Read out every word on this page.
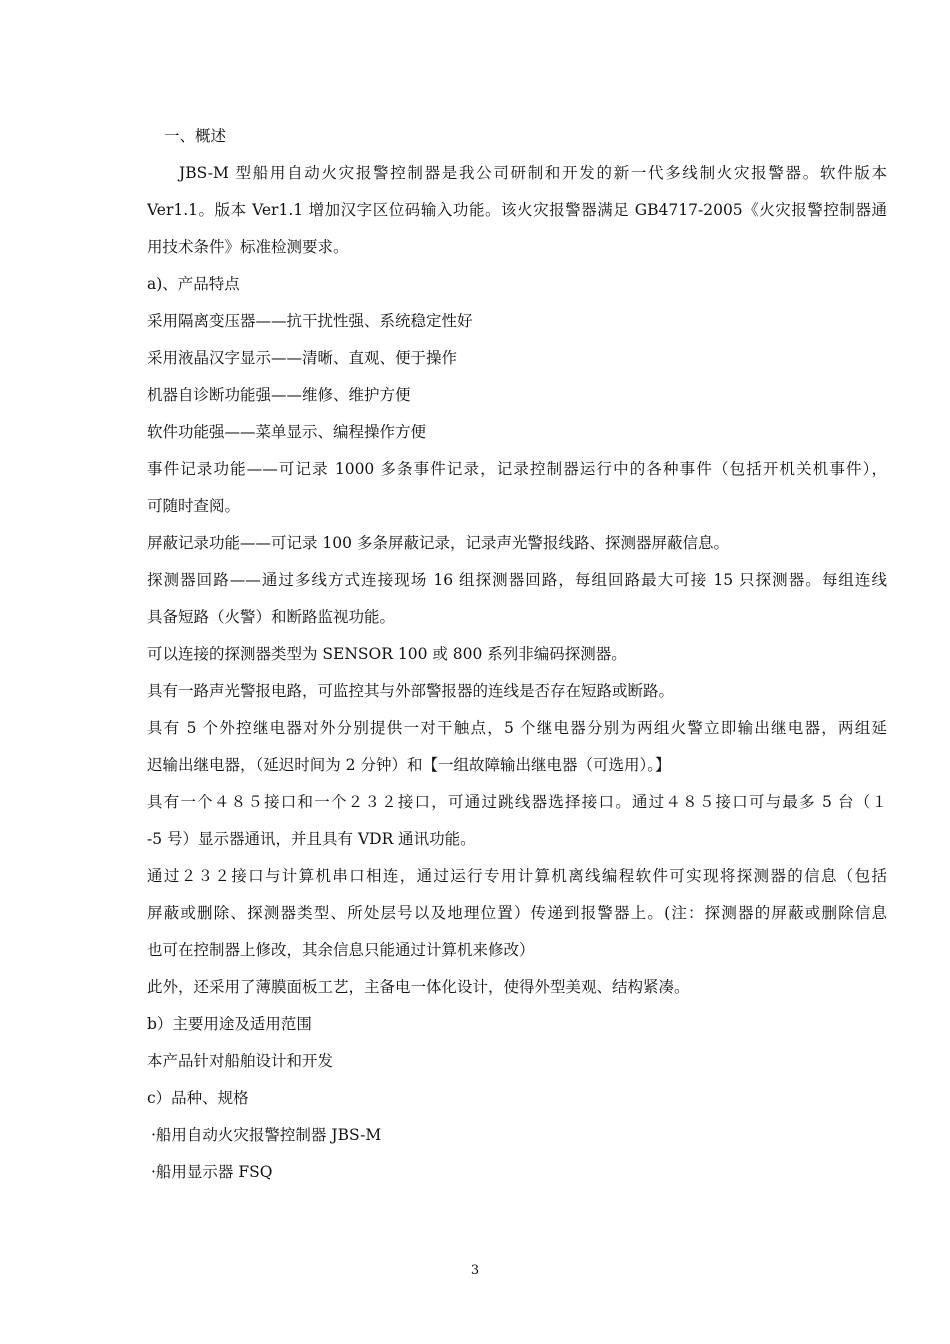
一、概述

JBS-M 型船用自动火灾报警控制器是我公司研制和开发的新一代多线制火灾报警器。软件版本

Ver1.1。版本 Ver1.1 增加汉字区位码输入功能。该火灾报警器满足 GB4717-2005《火灾报警控制器通

用技术条件》标准检测要求。

a)、产品特点

采用隔离变压器——抗干扰性强、系统稳定性好

采用液晶汉字显示——清晰、直观、便于操作

机器自诊断功能强——维修、维护方便

软件功能强——菜单显示、编程操作方便

事件记录功能——可记录 1000 多条事件记录，记录控制器运行中的各种事件（包括开机关机事件），

可随时查阅。

屏蔽记录功能——可记录 100 多条屏蔽记录，记录声光警报线路、探测器屏蔽信息。

探测器回路——通过多线方式连接现场 16 组探测器回路，每组回路最大可接 15 只探测器。每组连线

具备短路（火警）和断路监视功能。

可以连接的探测器类型为 SENSOR 100 或 800 系列非编码探测器。

具有一路声光警报电路，可监控其与外部警报器的连线是否存在短路或断路。

具有 5 个外控继电器对外分别提供一对干触点，5 个继电器分别为两组火警立即输出继电器，两组延

迟输出继电器，（延迟时间为 2 分钟）和【一组故障输出继电器（可选用）。】

具有一个４８５接口和一个２３２接口，可通过跳线器选择接口。通过４８５接口可与最多 5 台（１

-5 号）显示器通讯，并且具有 VDR 通讯功能。

通过２３２接口与计算机串口相连，通过运行专用计算机离线编程软件可实现将探测器的信息（包括

屏蔽或删除、探测器类型、所处层号以及地理位置）传递到报警器上。(注：探测器的屏蔽或删除信息

也可在控制器上修改，其余信息只能通过计算机来修改）

此外，还采用了薄膜面板工艺，主备电一体化设计，使得外型美观、结构紧凑。

b）主要用途及适用范围

本产品针对船舶设计和开发

c）品种、规格

·船用自动火灾报警控制器 JBS-M

·船用显示器 FSQ

3
